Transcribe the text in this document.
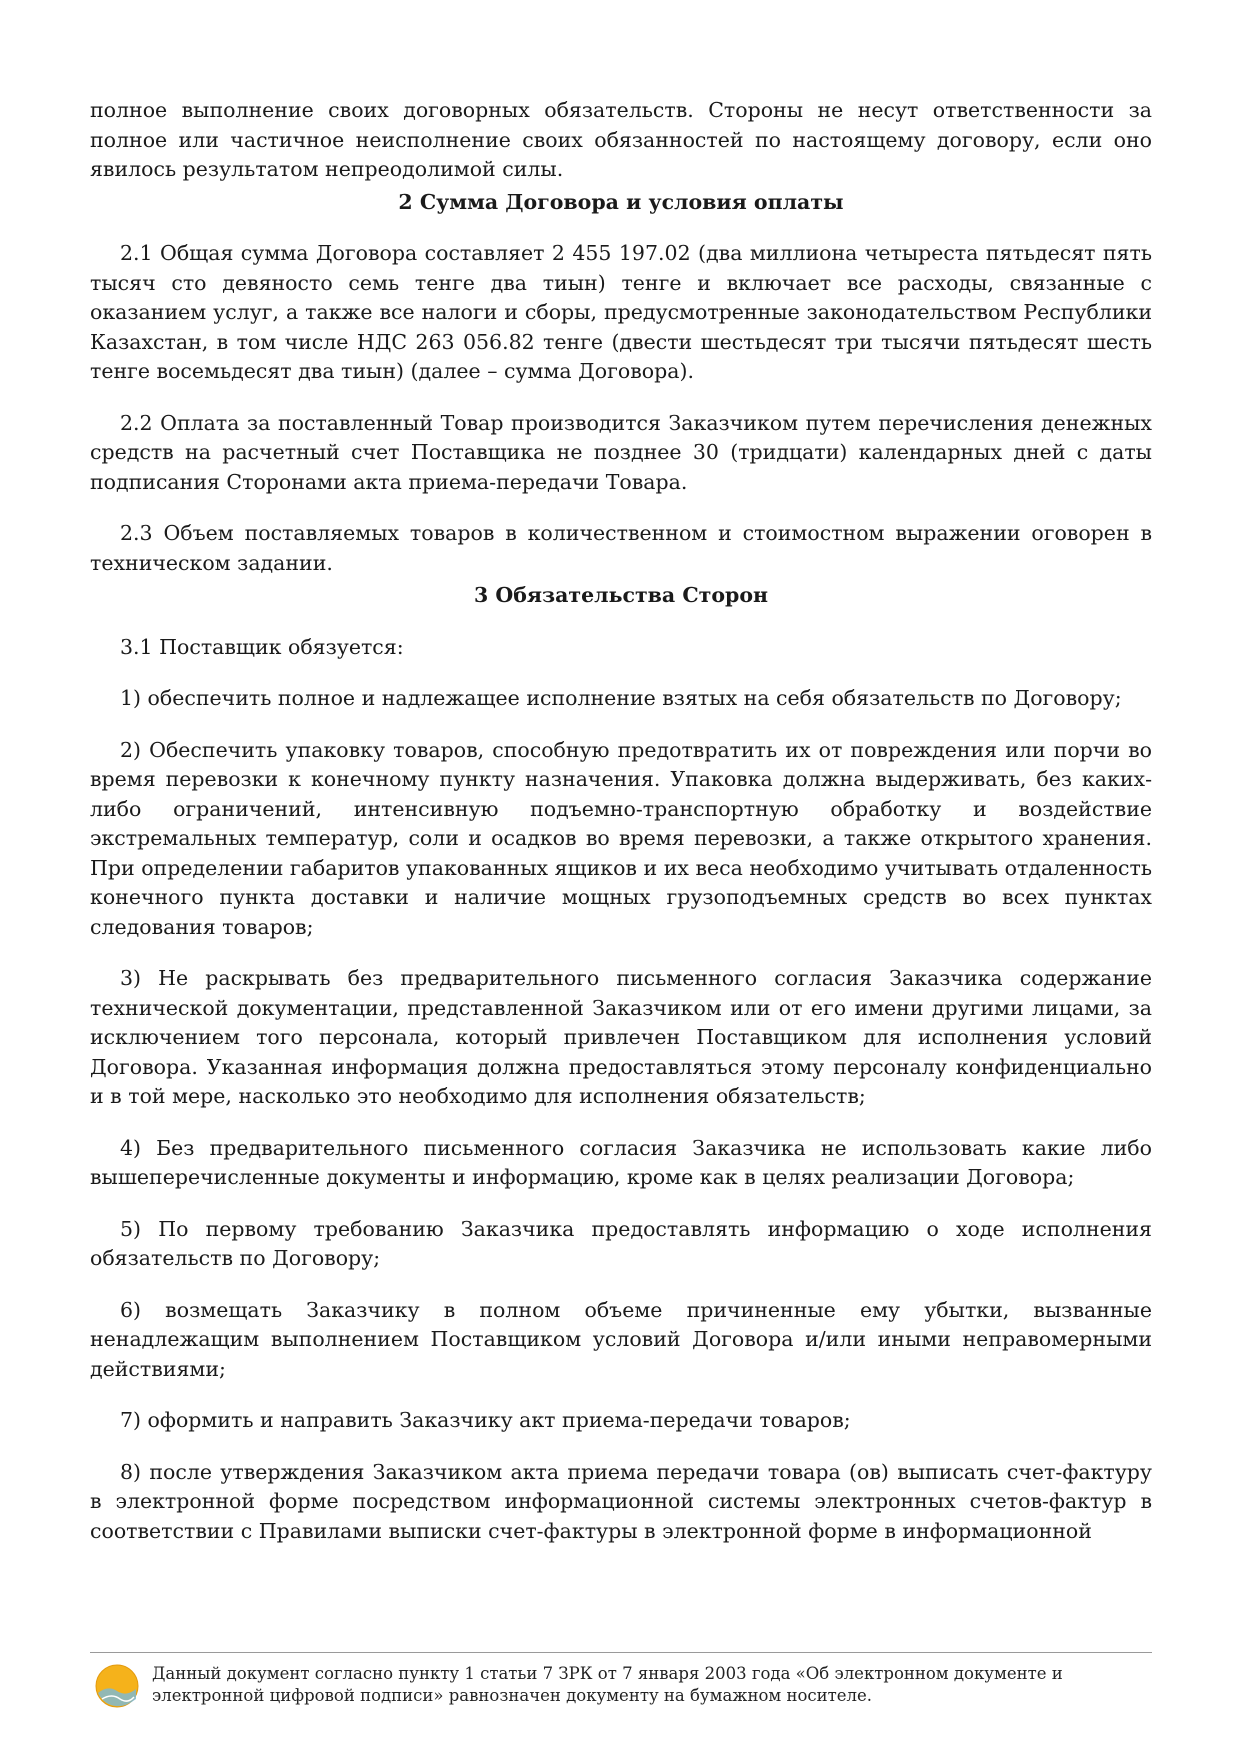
полное выполнение своих договорных обязательств. Стороны не несут ответственности за полное или частичное неисполнение своих обязанностей по настоящему договору, если оно явилось результатом непреодолимой силы.

2 Сумма Договора и условия оплаты

2.1 Общая сумма Договора составляет 2 455 197.02 (два миллиона четыреста пятьдесят пять тысяч сто девяносто семь тенге два тиын) тенге и включает все расходы, связанные с оказанием услуг, а также все налоги и сборы, предусмотренные законодательством Республики Казахстан, в том числе НДС 263 056.82 тенге (двести шестьдесят три тысячи пятьдесят шесть тенге восемьдесят два тиын) (далее – сумма Договора).

2.2 Оплата за поставленный Товар производится Заказчиком путем перечисления денежных средств на расчетный счет Поставщика не позднее 30 (тридцати) календарных дней с даты подписания Сторонами акта приема-передачи Товара.

2.3 Объем поставляемых товаров в количественном и стоимостном выражении оговорен в техническом задании.

3 Обязательства Сторон

3.1 Поставщик обязуется:

1) обеспечить полное и надлежащее исполнение взятых на себя обязательств по Договору;

2) Обеспечить упаковку товаров, способную предотвратить их от повреждения или порчи во время перевозки к конечному пункту назначения. Упаковка должна выдерживать, без каких-либо ограничений, интенсивную подъемно-транспортную обработку и воздействие экстремальных температур, соли и осадков во время перевозки, а также открытого хранения. При определении габаритов упакованных ящиков и их веса необходимо учитывать отдаленность конечного пункта доставки и наличие мощных грузоподъемных средств во всех пунктах следования товаров;

3) Не раскрывать без предварительного письменного согласия Заказчика содержание технической документации, представленной Заказчиком или от его имени другими лицами, за исключением того персонала, который привлечен Поставщиком для исполнения условий Договора. Указанная информация должна предоставляться этому персоналу конфиденциально и в той мере, насколько это необходимо для исполнения обязательств;

4) Без предварительного письменного согласия Заказчика не использовать какие либо вышеперечисленные документы и информацию, кроме как в целях реализации Договора;

5) По первому требованию Заказчика предоставлять информацию о ходе исполнения обязательств по Договору;

6) возмещать Заказчику в полном объеме причиненные ему убытки, вызванные ненадлежащим выполнением Поставщиком условий Договора и/или иными неправомерными действиями;

7) оформить и направить Заказчику акт приема-передачи товаров;

8) после утверждения Заказчиком акта приема передачи товара (ов) выписать счет-фактуру в электронной форме посредством информационной системы электронных счетов-фактур в соответствии с Правилами выписки счет-фактуры в электронной форме в информационной

Данный документ согласно пункту 1 статьи 7 ЗРК от 7 января 2003 года «Об электронном документе и электронной цифровой подписи» равнозначен документу на бумажном носителе.
